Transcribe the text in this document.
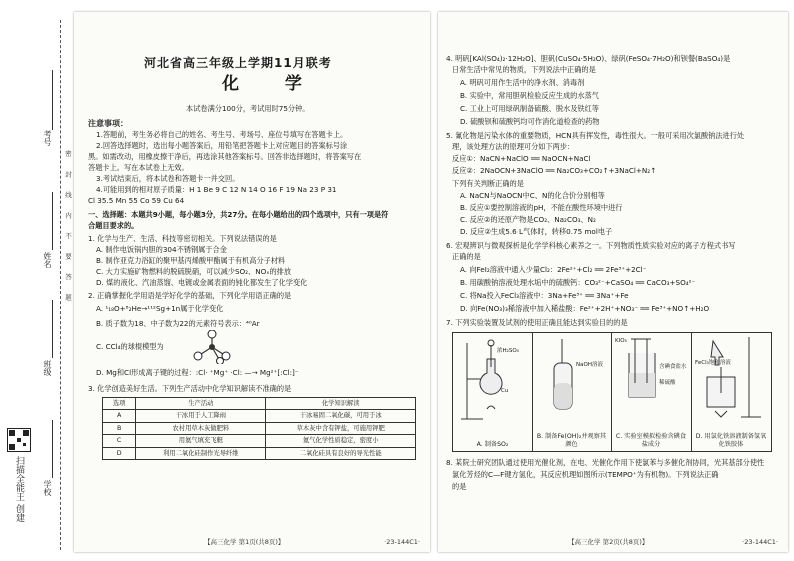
考号
姓名
班级
学校
密 封 线 内 不 要 答 题
扫描全能王 创建
河北省高三年级上学期11月联考
化 学
本试卷满分100分，考试用时75分钟。
注意事项：
1.答题前，考生务必将自己的姓名、考生号、考场号、座位号填写在答题卡上。
2.回答选择题时，选出每小题答案后，用铅笔把答题卡上对应题目的答案标号涂
黑。如需改动，用橡皮擦干净后，再选涂其他答案标号。回答非选择题时，将答案写在
答题卡上。写在本试卷上无效。
3.考试结束后，将本试卷和答题卡一并交回。
4.可能用到的相对原子质量：H 1 Be 9 C 12 N 14 O 16 F 19 Na 23 P 31
Cl 35.5 Mn 55 Co 59 Cu 64
一、选择题：本题共9小题，每小题3分，共27分。在每小题给出的四个选项中，只有一项是符
合题目要求的。
1. 化学与生产、生活、科技等密切相关。下列说法错误的是
A. 制作电饭锅内胆的304不锈钢属于合金
B. 制作亚克力浴缸的聚甲基丙烯酸甲酯属于有机高分子材料
C. 大力实施矿物燃料的脱硫脱硝，可以减少SO₂、NOₓ的排放
D. 煤的液化、汽油蒸馏、电镀或金属表面的钝化都发生了化学变化
2. 正确掌握化学用语是学好化学的基础，下列化学用语正确的是
A. ¹₁₈O+⁸₂He→¹¹²Sg+1n属于化学变化
B. 质子数为18、中子数为22的元素符号表示：⁴⁰Ar
C. CCl₄的球棍模型为
D. Mg和Cl形成离子键的过程：:Cl· ⁺Mg⁺ ·Cl: —→ Mg²⁺[:Cl:]⁻
3. 化学创造美好生活。下列生产活动中化学知识解读不准确的是
选项	生产活动	化学知识解读
A	干冰用于人工降雨	干冰易固二氧化碳，可用于冰
B	农村用草木灰做肥料	草木灰中含有钾盐，可施用钾肥
C	用氦气填充飞艇	氦气化学性质稳定，密度小
D	利用二氧化硅制作光导纤维	二氧化硅具有良好的导光性能
【高三化学 第1页(共8页)】	·23-144C1·
4. 明矾[KAl(SO₄)₂·12H₂O]、胆矾(CuSO₄·5H₂O)、绿矾(FeSO₄·7H₂O)和钡餐(BaSO₄)是
日常生活中常见的物质，下列说法中正确的是
A. 明矾可用作生活中的净水剂、消毒剂
B. 实验中，常用胆矾检验反应生成的水蒸气
C. 工业上可用绿矾制备硫酸、脱水及铁红等
D. 硫酸钡和硫酸钙均可作消化道检查的药物
5. 氰化物是污染水体的重要物质，HCN具有挥发性，毒性很大。一般可采用次氯酸钠法进行处
理，该处理方法的原理可分如下两步：
反应①：NaCN+NaClO ══ NaOCN+NaCl
反应②：2NaOCN+3NaClO ══ Na₂CO₃+CO₂↑+3NaCl+N₂↑
下列有关判断正确的是
A. NaCN与NaOCN中C、N的化合价分别相等
B. 反应①要控制溶液的pH，不能在酸性环境中进行
C. 反应②的还原产物是CO₂、Na₂CO₃、N₂
D. 反应②生成5.6 L气体时，转移0.75 mol电子
6. 宏观辨识与微观探析是化学学科核心素养之一。下列物质性质实验对应的离子方程式书写
正确的是
A. 向FeI₂溶液中通入少量Cl₂：2Fe²⁺+Cl₂ ══ 2Fe³⁺+2Cl⁻
B. 用碳酸钠溶液处理水垢中的硫酸钙：CO₃²⁻+CaSO₄ ══ CaCO₃+SO₄²⁻
C. 将Na投入FeCl₃溶液中：3Na+Fe³⁺ ══ 3Na⁺+Fe
D. 向Fe(NO₃)₃稀溶液中加入稀盐酸：Fe²⁺+2H⁺+NO₃⁻ ══ Fe³⁺+NO↑+H₂O
7. 下列实验装置及试剂的使用正确且能达到实验目的的是
浓H₂SO₄
Cu
A. 制备SO₂
NaOH溶液
B. 制备Fe(OH)₂并观察其颜色
KIO₃
含碘食盐水
稀硫酸
C. 实验室模拟检验含碘食盐成分
FeCl₃饱和溶液
D. 用氯化铁溶液制备氢氧化铁胶体
8. 某院士研究团队通过使用光催化剂，在电、光催化作用下使氯苯与多催化剂协同，光其基部分使性
氯化芳烃的C—F键方氢化，其反应机理如图所示(TEMPO⁺为有机物)。下列说法正确
的是
【高三化学 第2页(共8页)】	·23-144C1·
